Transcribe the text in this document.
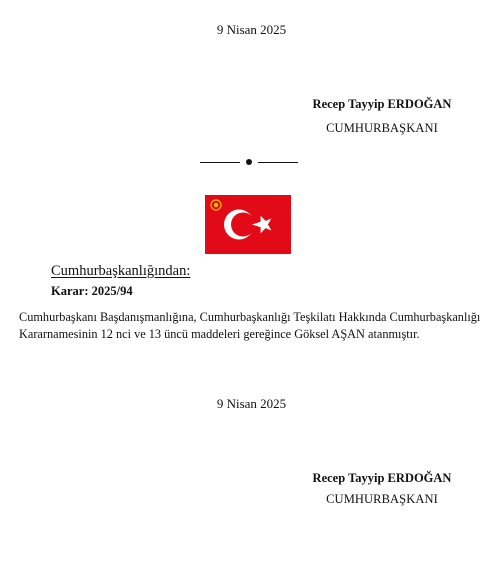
9 Nisan 2025
Recep Tayyip ERDOĞAN
CUMHURBAŞKANI
Cumhurbaşkanlığından:
Karar: 2025/94
Cumhurbaşkanı Başdanışmanlığına, Cumhurbaşkanlığı Teşkilatı Hakkında Cumhurbaşkanlığı
Kararnamesinin 12 nci ve 13 üncü maddeleri gereğince Göksel AŞAN atanmıştır.
9 Nisan 2025
Recep Tayyip ERDOĞAN
CUMHURBAŞKANI
